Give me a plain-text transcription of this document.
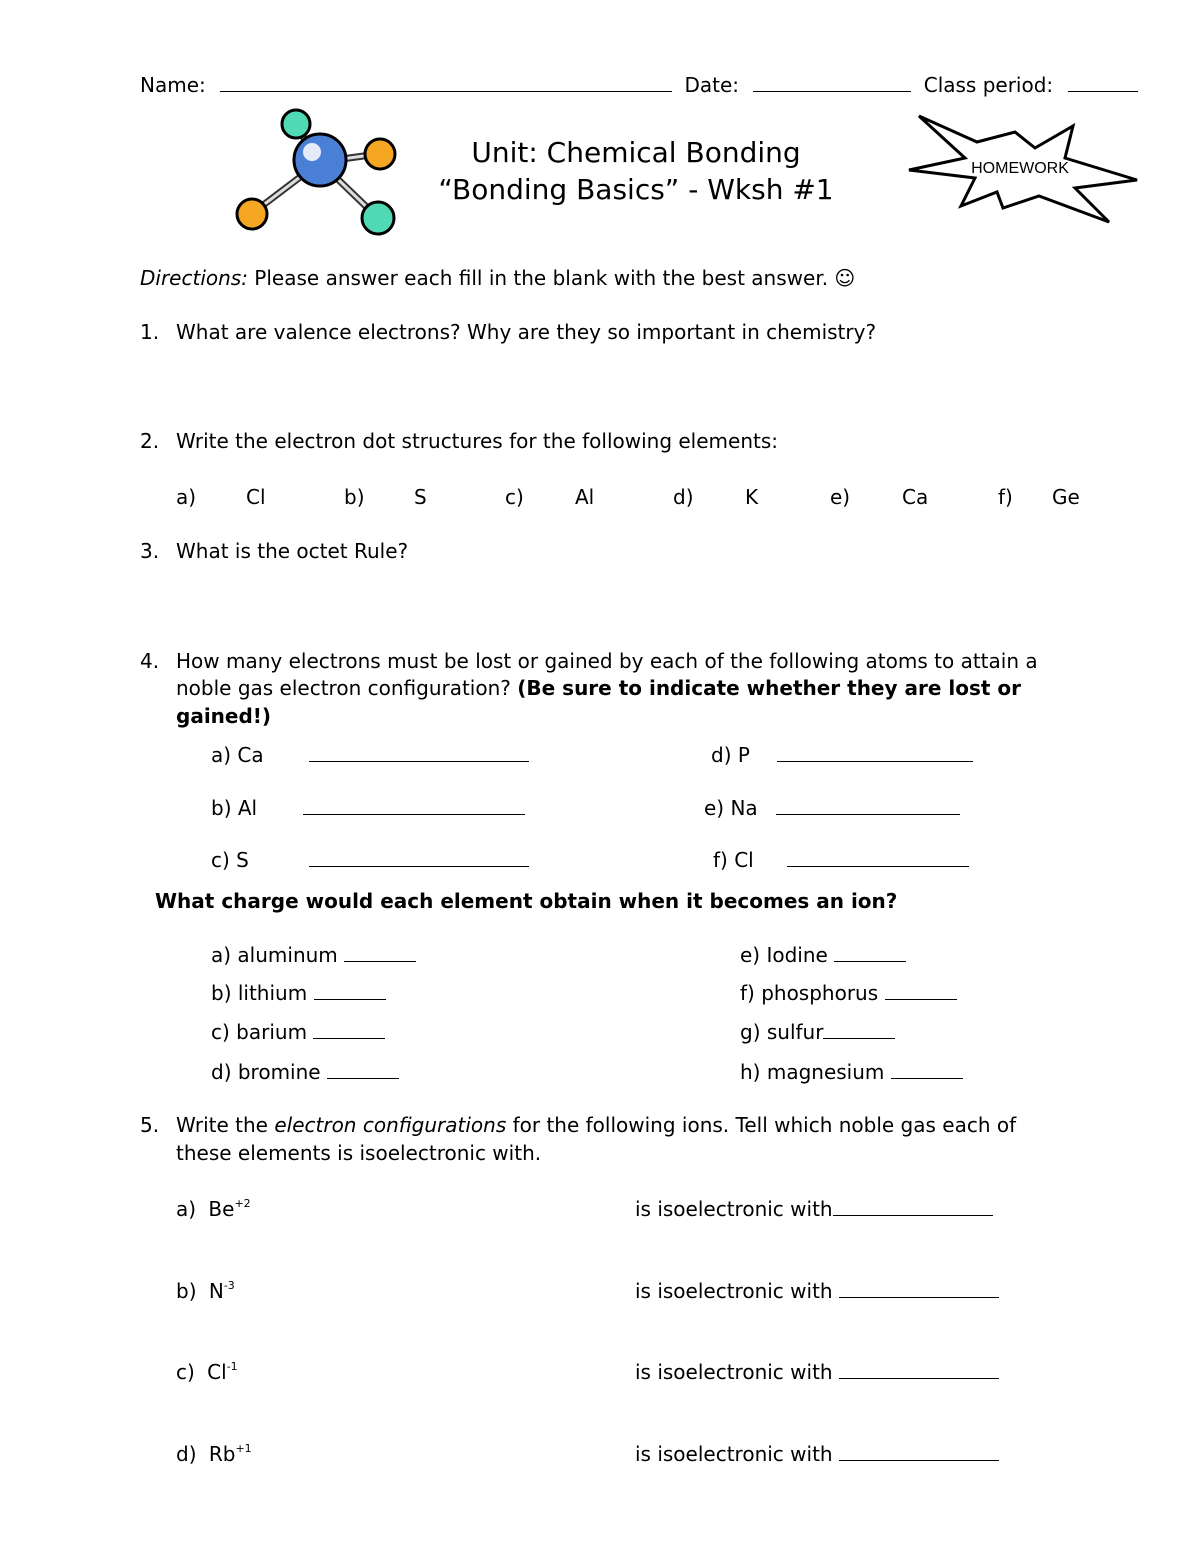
Name:	Date:	Class period:
Unit: Chemical Bonding
“Bonding Basics” - Wksh #1
HOMEWORK
Directions: Please answer each fill in the blank with the best answer. ☺
1. What are valence electrons? Why are they so important in chemistry?
2. Write the electron dot structures for the following elements:
a) Cl	b) S	c)	Al	d)	K	e)	Ca	f) Ge
3. What is the octet Rule?
4. How many electrons must be lost or gained by each of the following atoms to attain a
noble gas electron configuration? (Be sure to indicate whether they are lost or
gained!)
a) Ca
b) Al
c) S
d) P
e) Na
f) Cl
What charge would each element obtain when it becomes an ion?
a) aluminum
b) lithium
c) barium
d) bromine
e) Iodine
f) phosphorus
g) sulfur
h) magnesium
5. Write the electron configurations for the following ions. Tell which noble gas each of
these elements is isoelectronic with.
a) $Be^{+2}$	is isoelectronic with
b) $N^{-3}$	is isoelectronic with
c) $Cl^{-1}$	is isoelectronic with
d) $Rb^{+1}$	is isoelectronic with
